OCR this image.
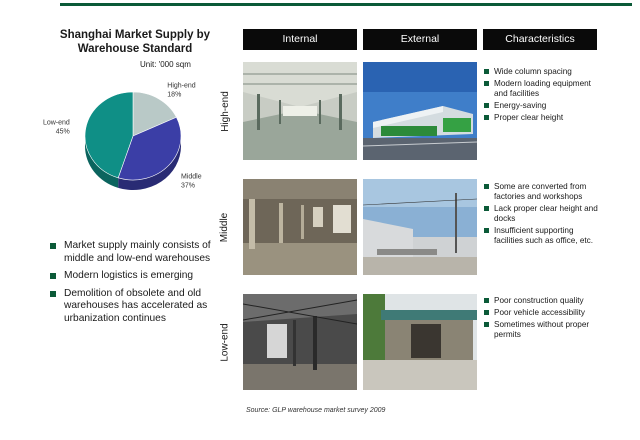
Shanghai Market Supply by Warehouse Standard
Unit: '000 sqm
High-end
18%
Middle
37%
Low-end
45%
Market supply mainly consists of middle and low-end warehouses
Modern logistics is emerging
Demolition of obsolete and old warehouses has accelerated as urbanization continues
Internal	External	Characteristics
High-end
Wide column spacing
Modern loading equipment and facilities
Energy-saving
Proper clear height
Middle
Some are converted from factories and workshops
Lack proper clear height and docks
Insufficient supporting facilities such as office, etc.
Low-end
Poor construction quality
Poor vehicle accessibility
Sometimes without proper permits
Source: GLP warehouse market survey 2009
